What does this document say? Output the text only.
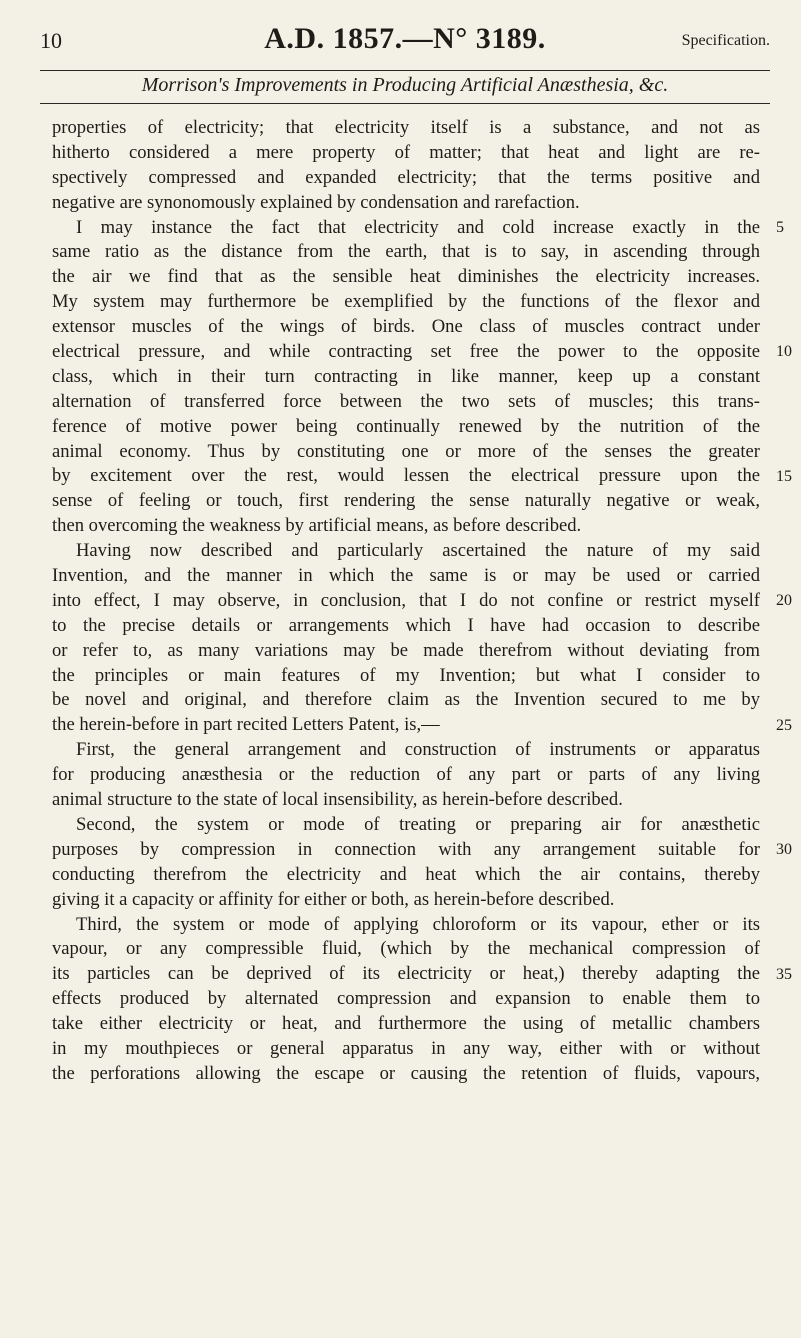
10	A.D. 1857.—N° 3189.	Specification.
Morrison's Improvements in Producing Artificial Anæsthesia, &c.
properties of electricity; that electricity itself is a substance, and not as
hitherto considered a mere property of matter; that heat and light are re-
spectively compressed and expanded electricity; that the terms positive and
negative are synonomously explained by condensation and rarefaction.
I may instance the fact that electricity and cold increase exactly in the
same ratio as the distance from the earth, that is to say, in ascending through
the air we find that as the sensible heat diminishes the electricity increases.
My system may furthermore be exemplified by the functions of the flexor and
extensor muscles of the wings of birds. One class of muscles contract under
electrical pressure, and while contracting set free the power to the opposite
class, which in their turn contracting in like manner, keep up a constant
alternation of transferred force between the two sets of muscles; this trans-
ference of motive power being continually renewed by the nutrition of the
animal economy. Thus by constituting one or more of the senses the greater
by excitement over the rest, would lessen the electrical pressure upon the
sense of feeling or touch, first rendering the sense naturally negative or weak,
then overcoming the weakness by artificial means, as before described.
Having now described and particularly ascertained the nature of my said
Invention, and the manner in which the same is or may be used or carried
into effect, I may observe, in conclusion, that I do not confine or restrict myself
to the precise details or arrangements which I have had occasion to describe
or refer to, as many variations may be made therefrom without deviating from
the principles or main features of my Invention; but what I consider to
be novel and original, and therefore claim as the Invention secured to me by
the herein-before in part recited Letters Patent, is,—
First, the general arrangement and construction of instruments or apparatus
for producing anæsthesia or the reduction of any part or parts of any living
animal structure to the state of local insensibility, as herein-before described.
Second, the system or mode of treating or preparing air for anæsthetic
purposes by compression in connection with any arrangement suitable for
conducting therefrom the electricity and heat which the air contains, thereby
giving it a capacity or affinity for either or both, as herein-before described.
Third, the system or mode of applying chloroform or its vapour, ether or its
vapour, or any compressible fluid, (which by the mechanical compression of
its particles can be deprived of its electricity or heat,) thereby adapting the
effects produced by alternated compression and expansion to enable them to
take either electricity or heat, and furthermore the using of metallic chambers
in my mouthpieces or general apparatus in any way, either with or without
the perforations allowing the escape or causing the retention of fluids, vapours,
5
10
15
20
25
30
35
